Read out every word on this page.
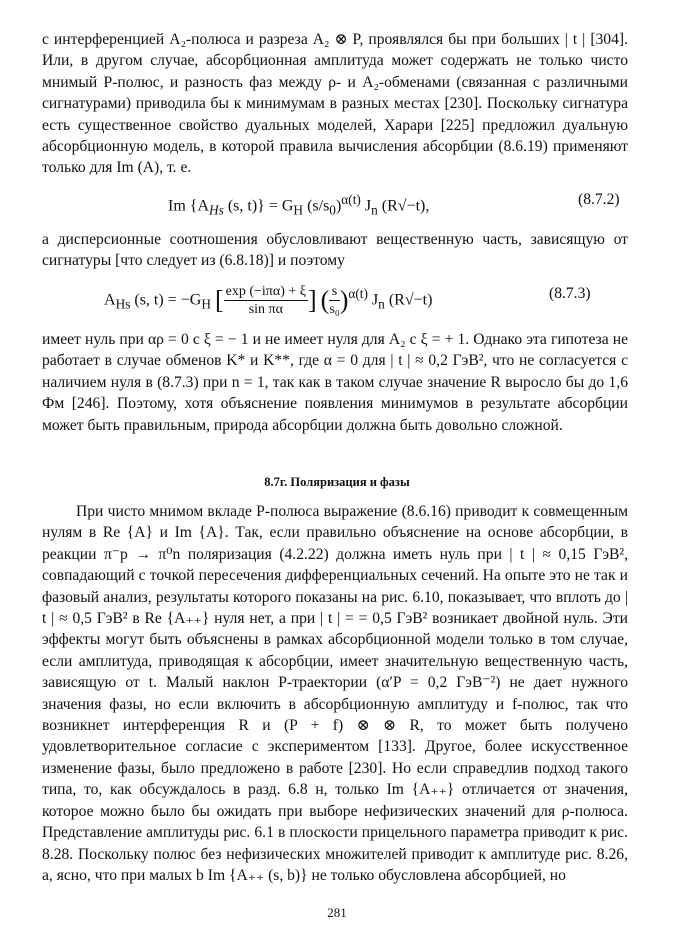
с интерференцией A₂-полюса и разреза A₂ ⊗ P, проявлялся бы при больших | t | [304]. Или, в другом случае, абсорбционная амплитуда может содержать не только чисто мнимый P-полюс, и разность фаз между ρ- и A₂-обменами (связанная с различными сигнатурами) приводила бы к минимумам в разных местах [230]. Поскольку сигнатура есть существенное свойство дуальных моделей, Харари [225] предложил дуальную абсорбционную модель, в которой правила вычисления абсорбции (8.6.19) применяют только для Im (A), т. е.

Im {$A_{Hs}$ (s, $t)\} = G_H$ $(s/s_0)^{\alpha(t)}$ $J_n$ (R√−t),	(8.7.2)

а дисперсионные соотношения обусловливают вещественную часть, зависящую от сигнатуры [что следует из (6.8.18)] и поэтому

$A_{Hs}$ (s, $t) = -G_H$ [ $\frac{\text{exp (−iπα) + ξ}}{\text{sin πα}}$ ] ( $\frac{s}{\text{s₀}} )^{\alpha(t)}$ $J_n$ (R√−t)	(8.7.3)

имеет нуль при αρ = 0 с ξ = − 1 и не имеет нуля для A₂ с ξ = + 1. Однако эта гипотеза не работает в случае обменов K* и K**, где α = 0 для | t | ≈ 0,2 ГэВ², что не согласуется с наличием нуля в (8.7.3) при n = 1, так как в таком случае значение R выросло бы до 1,6 Фм [246]. Поэтому, хотя объяснение появления минимумов в результате абсорбции может быть правильным, природа абсорбции должна быть довольно сложной.

8.7г. Поляризация и фазы

При чисто мнимом вкладе P-полюса выражение (8.6.16) приводит к совмещенным нулям в Re {A} и Im {A}. Так, если правильно объяснение на основе абсорбции, в реакции π⁻p → π⁰n поляризация (4.2.22) должна иметь нуль при | t | ≈ 0,15 ГэВ², совпадающий с точкой пересечения дифференциальных сечений. На опыте это не так и фазовый анализ, результаты которого показаны на рис. 6.10, показывает, что вплоть до | t | ≈ 0,5 ГэВ² в Re {A₊₊} нуля нет, а при | t | = = 0,5 ГэВ² возникает двойной нуль. Эти эффекты могут быть объяснены в рамках абсорбционной модели только в том случае, если амплитуда, приводящая к абсорбции, имеет значительную вещественную часть, зависящую от t. Малый наклон P-траектории (α′P = 0,2 ГэВ⁻²) не дает нужного значения фазы, но если включить в абсорбционную амплитуду и f-полюс, так что возникнет интерференция R и (P + f) ⊗ ⊗ R, то может быть получено удовлетворительное согласие с экспериментом [133]. Другое, более искусственное изменение фазы, было предложено в работе [230]. Но если справедлив подход такого типа, то, как обсуждалось в разд. 6.8 н, только Im {A₊₊} отличается от значения, которое можно было бы ожидать при выборе нефизических значений для ρ-полюса. Представление амплитуды рис. 6.1 в плоскости прицельного параметра приводит к рис. 8.28. Поскольку полюс без нефизических множителей приводит к амплитуде рис. 8.26, а, ясно, что при малых b Im {A₊₊ (s, b)} не только обусловлена абсорбцией, но

281
